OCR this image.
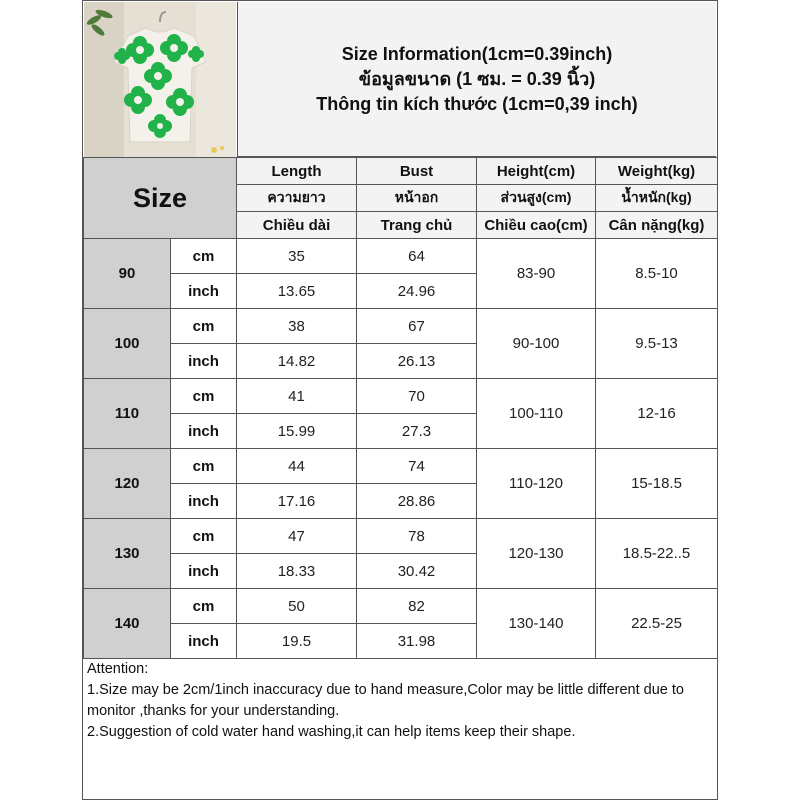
Size Information(1cm=0.39inch)
ข้อมูลขนาด (1 ซม. = 0.39 นิ้ว)
Thông tin kích thước (1cm=0,39 inch)
Size		Length	Bust	Height(cm)	Weight(kg)
		ความยาว	หน้าอก	ส่วนสูง(cm)	น้ำหนัก(kg)
		Chiều dài	Trang chủ	Chiều cao(cm)	Cân nặng(kg)
90	cm	35	64	83-90	8.5-10
	inch	13.65	24.96		
100	cm	38	67	90-100	9.5-13
	inch	14.82	26.13		
110	cm	41	70	100-110	12-16
	inch	15.99	27.3		
120	cm	44	74	110-120	15-18.5
	inch	17.16	28.86		
130	cm	47	78	120-130	18.5-22..5
	inch	18.33	30.42		
140	cm	50	82	130-140	22.5-25
	inch	19.5	31.98		
Attention:
1.Size may be 2cm/1inch inaccuracy due to hand measure,Color may be little different due to monitor ,thanks for your understanding.
2.Suggestion of cold water hand washing,it can help items keep their shape.
